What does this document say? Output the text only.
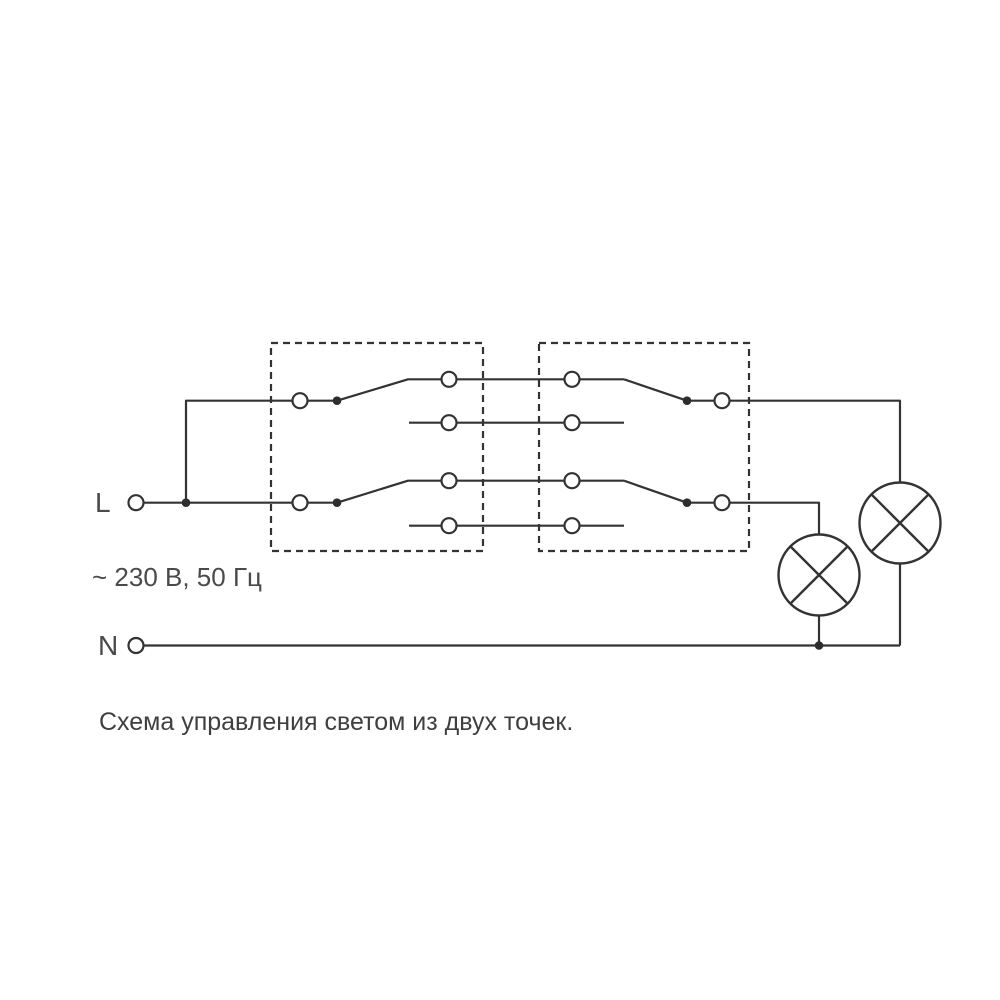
L
N
~ 230 В, 50 Гц
Схема управления светом из двух точек.
